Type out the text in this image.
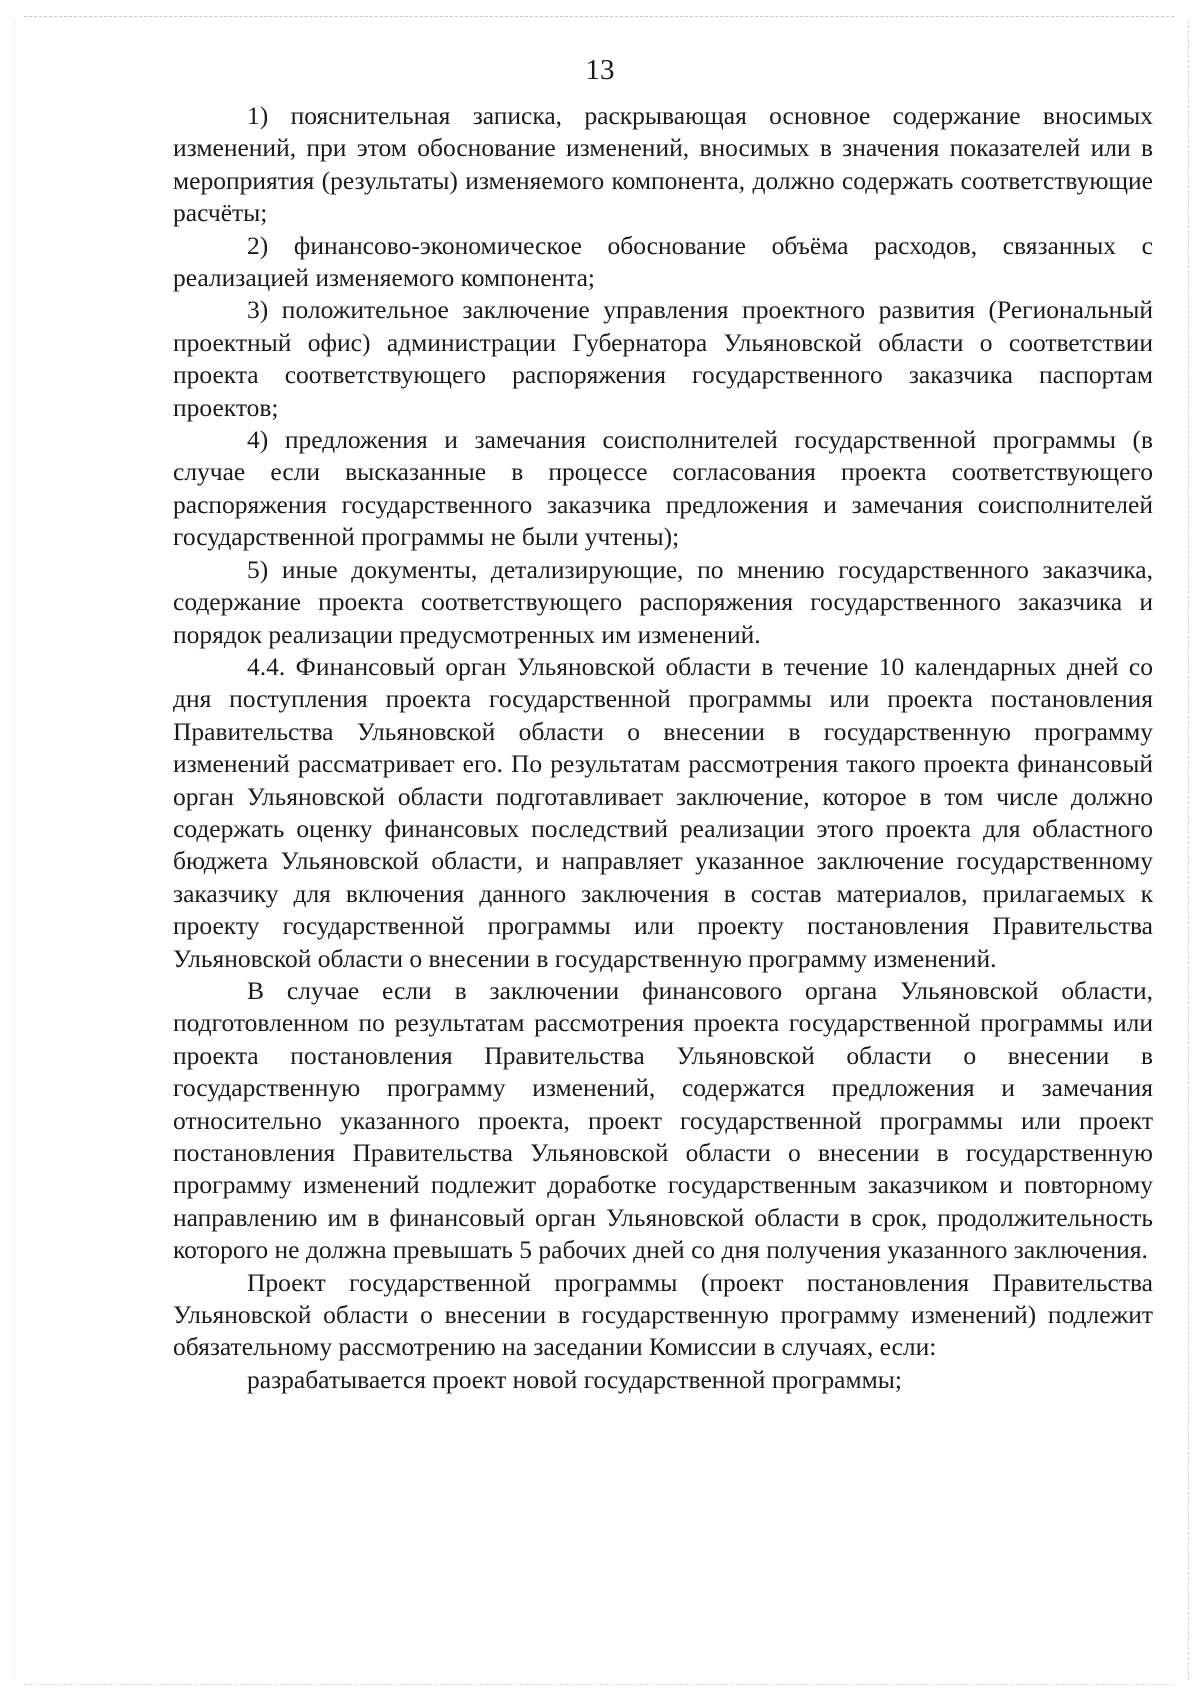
13

1) пояснительная записка, раскрывающая основное содержание вносимых изменений, при этом обоснование изменений, вносимых в значения показателей или в мероприятия (результаты) изменяемого компонента, должно содержать соответствующие расчёты;

2) финансово-экономическое обоснование объёма расходов, связанных с реализацией изменяемого компонента;

3) положительное заключение управления проектного развития (Региональный проектный офис) администрации Губернатора Ульяновской области о соответствии проекта соответствующего распоряжения государственного заказчика паспортам проектов;

4) предложения и замечания соисполнителей государственной программы (в случае если высказанные в процессе согласования проекта соответствующего распоряжения государственного заказчика предложения и замечания соисполнителей государственной программы не были учтены);

5) иные документы, детализирующие, по мнению государственного заказчика, содержание проекта соответствующего распоряжения государственного заказчика и порядок реализации предусмотренных им изменений.

4.4. Финансовый орган Ульяновской области в течение 10 календарных дней со дня поступления проекта государственной программы или проекта постановления Правительства Ульяновской области о внесении в государственную программу изменений рассматривает его. По результатам рассмотрения такого проекта финансовый орган Ульяновской области подготавливает заключение, которое в том числе должно содержать оценку финансовых последствий реализации этого проекта для областного бюджета Ульяновской области, и направляет указанное заключение государственному заказчику для включения данного заключения в состав материалов, прилагаемых к проекту государственной программы или проекту постановления Правительства Ульяновской области о внесении в государственную программу изменений.

В случае если в заключении финансового органа Ульяновской области, подготовленном по результатам рассмотрения проекта государственной программы или проекта постановления Правительства Ульяновской области о внесении в государственную программу изменений, содержатся предложения и замечания относительно указанного проекта, проект государственной программы или проект постановления Правительства Ульяновской области о внесении в государственную программу изменений подлежит доработке государственным заказчиком и повторному направлению им в финансовый орган Ульяновской области в срок, продолжительность которого не должна превышать 5 рабочих дней со дня получения указанного заключения.

Проект государственной программы (проект постановления Правительства Ульяновской области о внесении в государственную программу изменений) подлежит обязательному рассмотрению на заседании Комиссии в случаях, если:

разрабатывается проект новой государственной программы;
